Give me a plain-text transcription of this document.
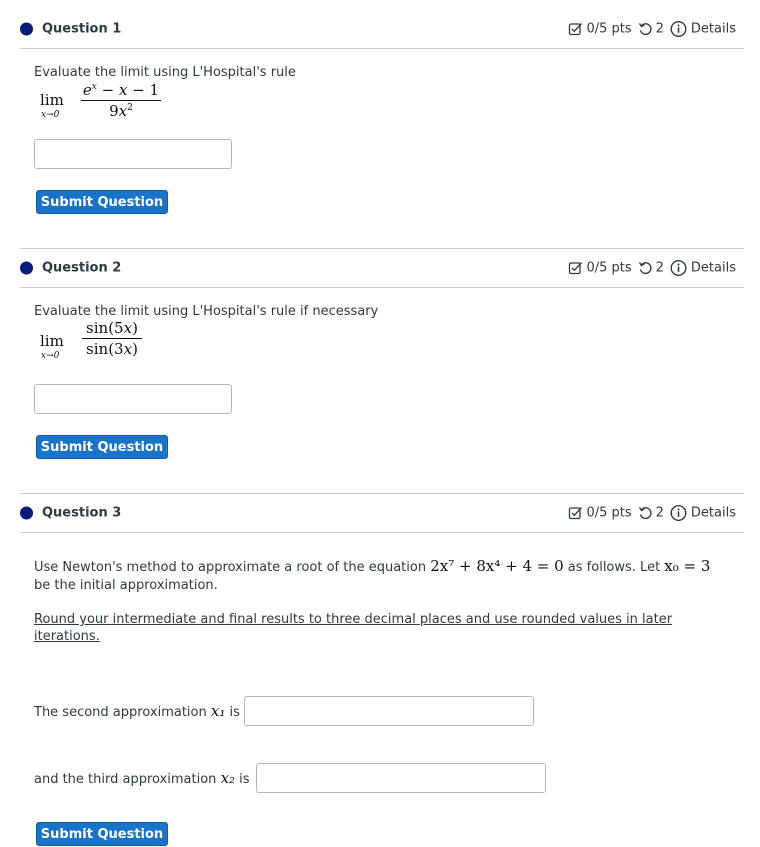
Question 1	0/5 pts 2 Details
Evaluate the limit using L'Hospital's rule
lim
x→0
$e^x - x - 1$
$9x^2$
Submit Question
Question 2	0/5 pts 2 Details
Evaluate the limit using L'Hospital's rule if necessary
lim
x→0
sin(5x)
sin(3x)
Submit Question
Question 3	0/5 pts 2 Details
Use Newton's method to approximate a root of the equation 2x⁷ + 8x⁴ + 4 = 0 as follows. Let x₀ = 3
be the initial approximation.
Round your intermediate and final results to three decimal places and use rounded values in later iterations.
The second approximation x₁ is
and the third approximation x₂ is
Submit Question
